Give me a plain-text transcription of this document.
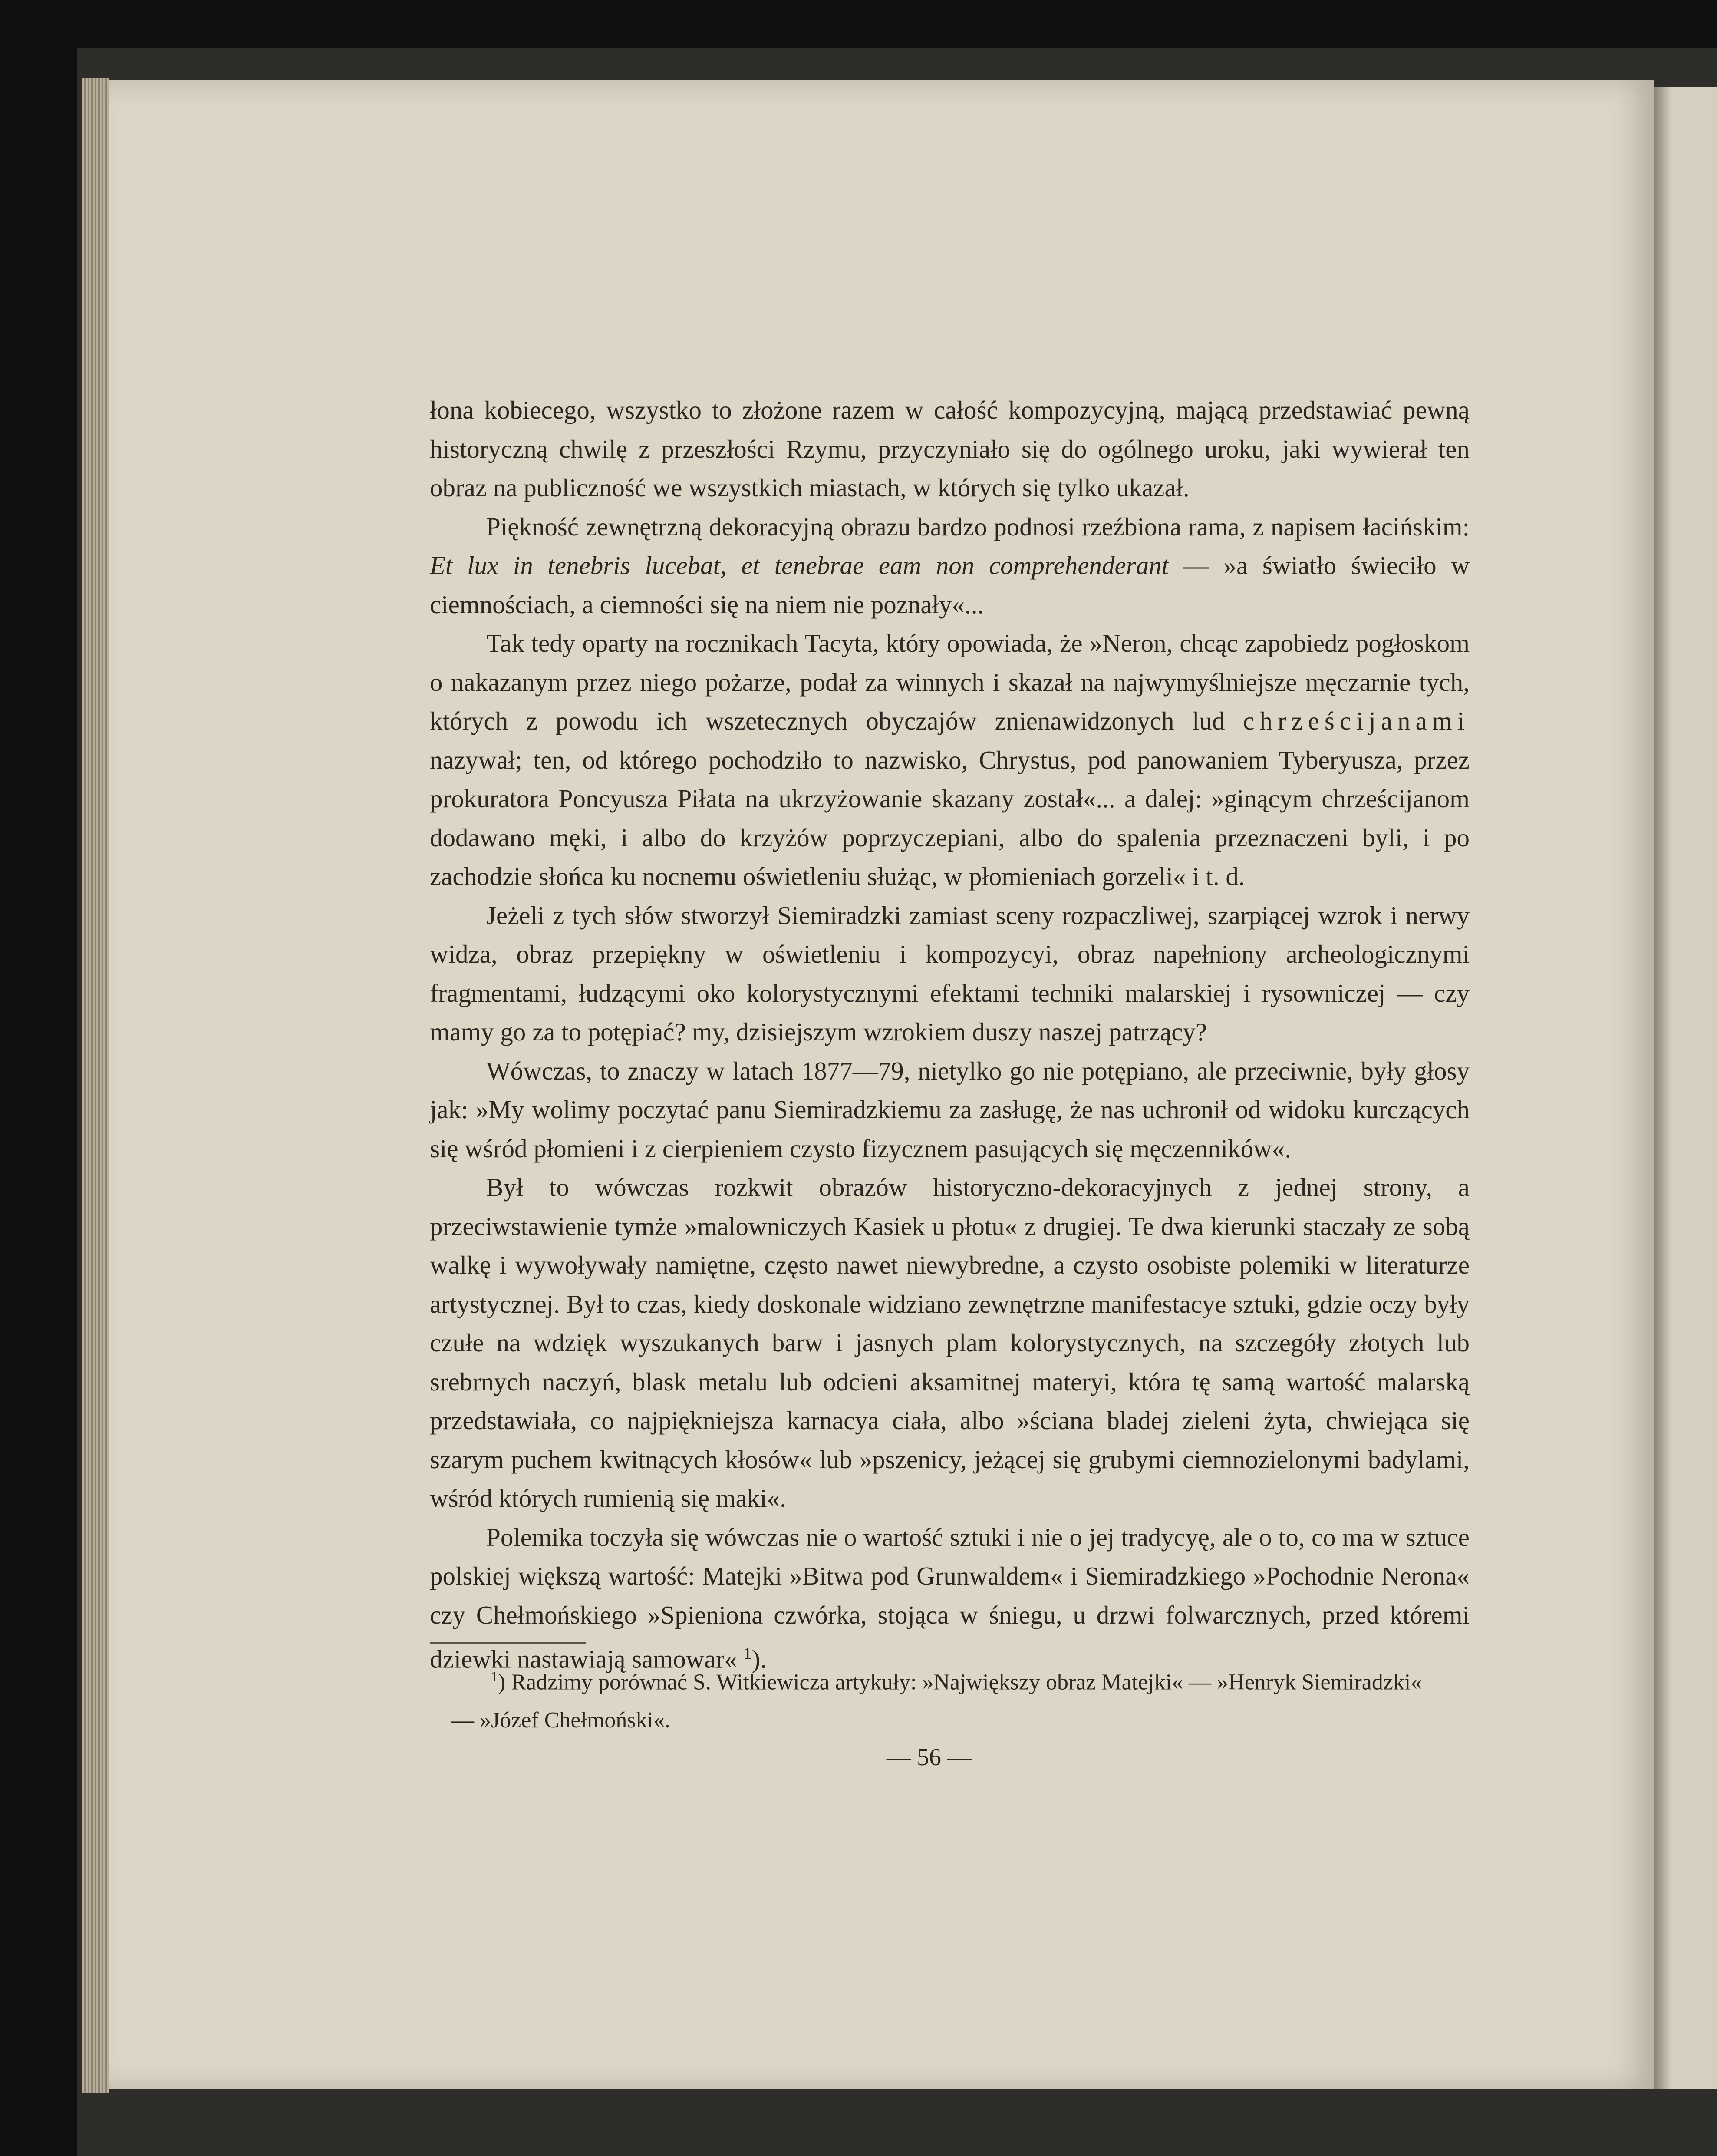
łona kobiecego, wszystko to złożone razem w całość kompozycyjną, mającą przedstawiać pewną historyczną chwilę z przeszłości Rzymu, przyczyniało się do ogólnego uroku, jaki wywierał ten obraz na publiczność we wszystkich miastach, w których się tylko ukazał.

Piękność zewnętrzną dekoracyjną obrazu bardzo podnosi rzeźbiona rama, z napisem łacińskim: Et lux in tenebris lucebat, et tenebrae eam non comprehenderant — »a światło świeciło w ciemnościach, a ciemności się na niem nie poznały«...

Tak tedy oparty na rocznikach Tacyta, który opowiada, że »Neron, chcąc zapobiedz pogłoskom o nakazanym przez niego pożarze, podał za winnych i skazał na najwymyślniejsze męczarnie tych, których z powodu ich wszetecznych obyczajów znienawidzonych lud chrześcijanami nazywał; ten, od którego pochodziło to nazwisko, Chrystus, pod panowaniem Tyberyusza, przez prokuratora Poncyusza Piłata na ukrzyżowanie skazany został«... a dalej: »ginącym chrześcijanom dodawano męki, i albo do krzyżów poprzyczepiani, albo do spalenia przeznaczeni byli, i po zachodzie słońca ku nocnemu oświetleniu służąc, w płomieniach gorzeli« i t. d.

Jeżeli z tych słów stworzył Siemiradzki zamiast sceny rozpaczliwej, szarpiącej wzrok i nerwy widza, obraz przepiękny w oświetleniu i kompozycyi, obraz napełniony archeologicznymi fragmentami, łudzącymi oko kolorystycznymi efektami techniki malarskiej i rysowniczej — czy mamy go za to potępiać? my, dzisiejszym wzrokiem duszy naszej patrzący?

Wówczas, to znaczy w latach 1877—79, nietylko go nie potępiano, ale przeciwnie, były głosy jak: »My wolimy poczytać panu Siemiradzkiemu za zasługę, że nas uchronił od widoku kurczących się wśród płomieni i z cierpieniem czysto fizycznem pasujących się męczenników«.

Był to wówczas rozkwit obrazów historyczno-dekoracyjnych z jednej strony, a przeciwstawienie tymże »malowniczych Kasiek u płotu« z drugiej. Te dwa kierunki staczały ze sobą walkę i wywoływały namiętne, często nawet niewybredne, a czysto osobiste polemiki w literaturze artystycznej. Był to czas, kiedy doskonale widziano zewnętrzne manifestacye sztuki, gdzie oczy były czułe na wdzięk wyszukanych barw i jasnych plam kolorystycznych, na szczegóły złotych lub srebrnych naczyń, blask metalu lub odcieni aksamitnej materyi, która tę samą wartość malarską przedstawiała, co najpiękniejsza karnacya ciała, albo »ściana bladej zieleni żyta, chwiejąca się szarym puchem kwitnących kłosów« lub »pszenicy, jeżącej się grubymi ciemnozielonymi badylami, wśród których rumienią się maki«.

Polemika toczyła się wówczas nie o wartość sztuki i nie o jej tradycyę, ale o to, co ma w sztuce polskiej większą wartość: Matejki »Bitwa pod Grunwaldem« i Siemiradzkiego »Pochodnie Nerona« czy Chełmońskiego »Spieniona czwórka, stojąca w śniegu, u drzwi folwarcznych, przed któremi dziewki nastawiają samowar« $^1$).

$^1$) Radzimy porównać S. Witkiewicza artykuły: »Największy obraz Matejki« — »Henryk Siemiradzki« — »Józef Chełmoński«.

— 56 —
